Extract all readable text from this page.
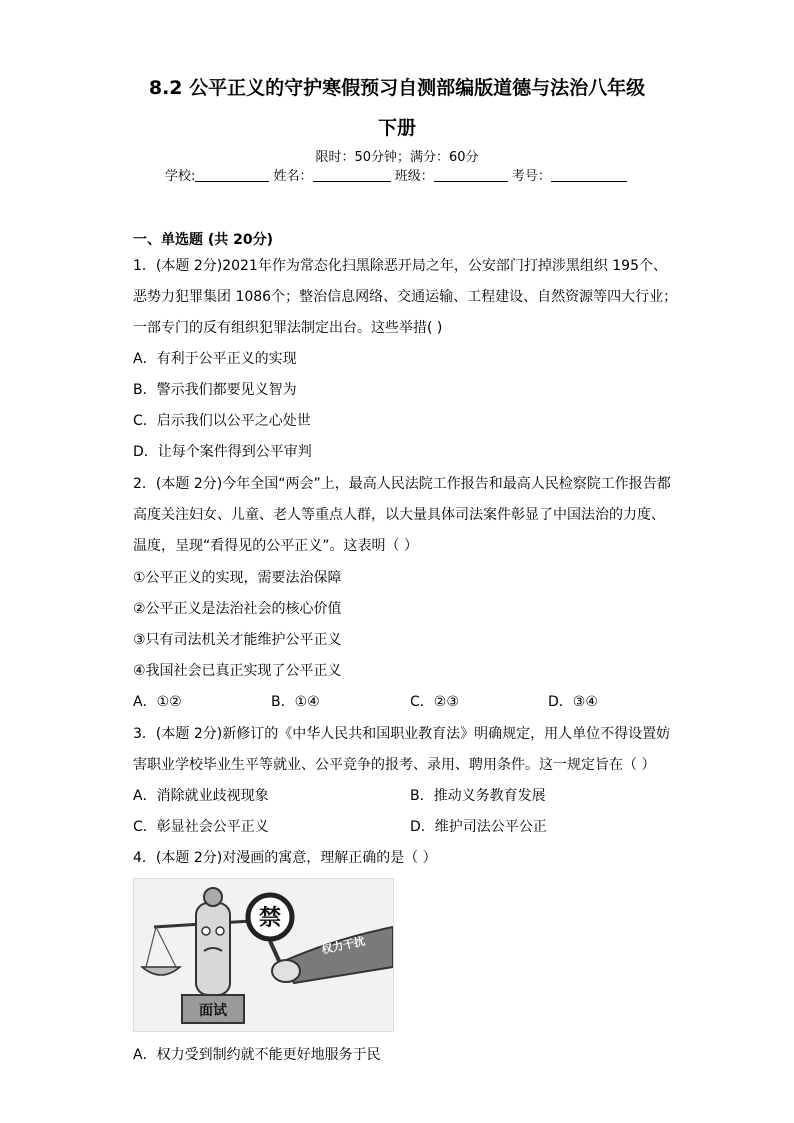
8.2 公平正义的守护寒假预习自测部编版道德与法治八年级
下册
限时：50分钟；满分：60分
学校:	姓名：	班级：	考号：
一、单选题 (共 20分)
1．(本题 2分)2021年作为常态化扫黑除恶开局之年，公安部门打掉涉黑组织 195个、
恶势力犯罪集团 1086个；整治信息网络、交通运输、工程建设、自然资源等四大行业；
一部专门的反有组织犯罪法制定出台。这些举措( )
A．有利于公平正义的实现
B．警示我们都要见义智为
C．启示我们以公平之心处世
D．让每个案件得到公平审判
2．(本题 2分)今年全国“两会”上，最高人民法院工作报告和最高人民检察院工作报告都
高度关注妇女、儿童、老人等重点人群，以大量具体司法案件彰显了中国法治的力度、
温度，呈现“看得见的公平正义”。这表明（ ）
①公平正义的实现，需要法治保障
②公平正义是法治社会的核心价值
③只有司法机关才能维护公平正义
④我国社会已真正实现了公平正义
A．①②	B．①④	C．②③	D．③④
3．(本题 2分)新修订的《中华人民共和国职业教育法》明确规定，用人单位不得设置妨
害职业学校毕业生平等就业、公平竞争的报考、录用、聘用条件。这一规定旨在（ ）
A．消除就业歧视现象	B．推动义务教育发展
C．彰显社会公平正义	D．维护司法公平公正
4．(本题 2分)对漫画的寓意，理解正确的是（ ）
面试
禁
权力干扰
A．权力受到制约就不能更好地服务于民
